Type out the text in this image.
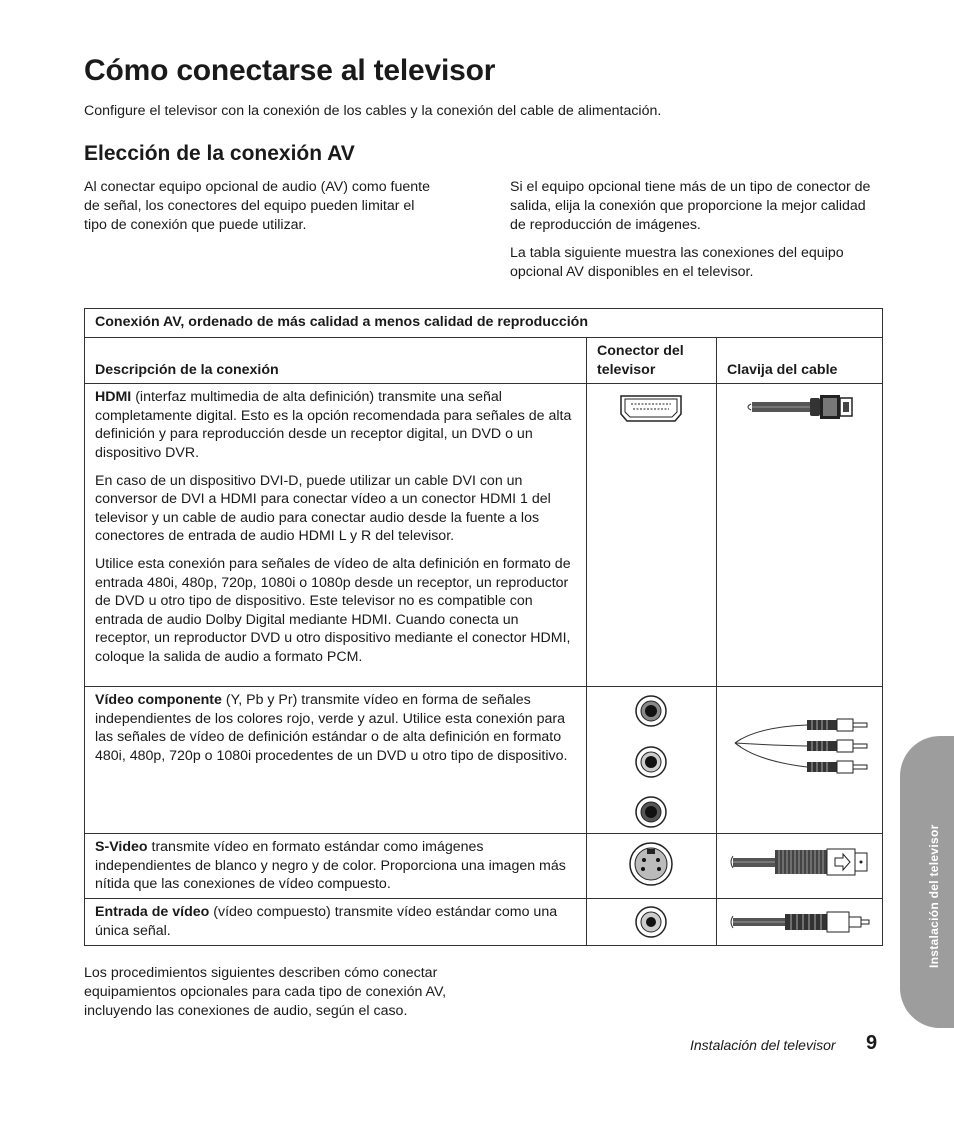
Cómo conectarse al televisor
Configure el televisor con la conexión de los cables y la conexión del cable de alimentación.
Elección de la conexión AV

Al conectar equipo opcional de audio (AV) como fuente de señal, los conectores del equipo pueden limitar el tipo de conexión que puede utilizar.

Si el equipo opcional tiene más de un tipo de conector de salida, elija la conexión que proporcione la mejor calidad de reproducción de imágenes.

La tabla siguiente muestra las conexiones del equipo opcional AV disponibles en el televisor.

Conexión AV, ordenado de más calidad a menos calidad de reproducción		
Descripción de la conexión	Conector del televisor	Clavija del cable

HDMI (interfaz multimedia de alta definición) transmite una señal completamente digital. Esto es la opción recomendada para señales de alta definición y para reproducción desde un receptor digital, un DVD o un dispositivo DVR.

En caso de un dispositivo DVI-D, puede utilizar un cable DVI con un conversor de DVI a HDMI para conectar vídeo a un conector HDMI 1 del televisor y un cable de audio para conectar audio desde la fuente a los conectores de entrada de audio HDMI L y R del televisor.

Utilice esta conexión para señales de vídeo de alta definición en formato de entrada 480i, 480p, 720p, 1080i o 1080p desde un receptor, un reproductor de DVD u otro tipo de dispositivo. Este televisor no es compatible con entrada de audio Dolby Digital mediante HDMI. Cuando conecta un receptor, un reproductor DVD u otro dispositivo mediante el conector HDMI, coloque la salida de audio a formato PCM.

Vídeo componente (Y, Pb y Pr) transmite vídeo en forma de señales independientes de los colores rojo, verde y azul. Utilice esta conexión para las señales de vídeo de definición estándar o de alta definición en formato 480i, 480p, 720p o 1080i procedentes de un DVD u otro tipo de dispositivo.

S-Video transmite vídeo en formato estándar como imágenes independientes de blanco y negro y de color. Proporciona una imagen más nítida que las conexiones de vídeo compuesto.

Entrada de vídeo (vídeo compuesto) transmite vídeo estándar como una única señal.

Los procedimientos siguientes describen cómo conectar equipamientos opcionales para cada tipo de conexión AV, incluyendo las conexiones de audio, según el caso.
Instalación del televisor 9
Instalación del televisor
